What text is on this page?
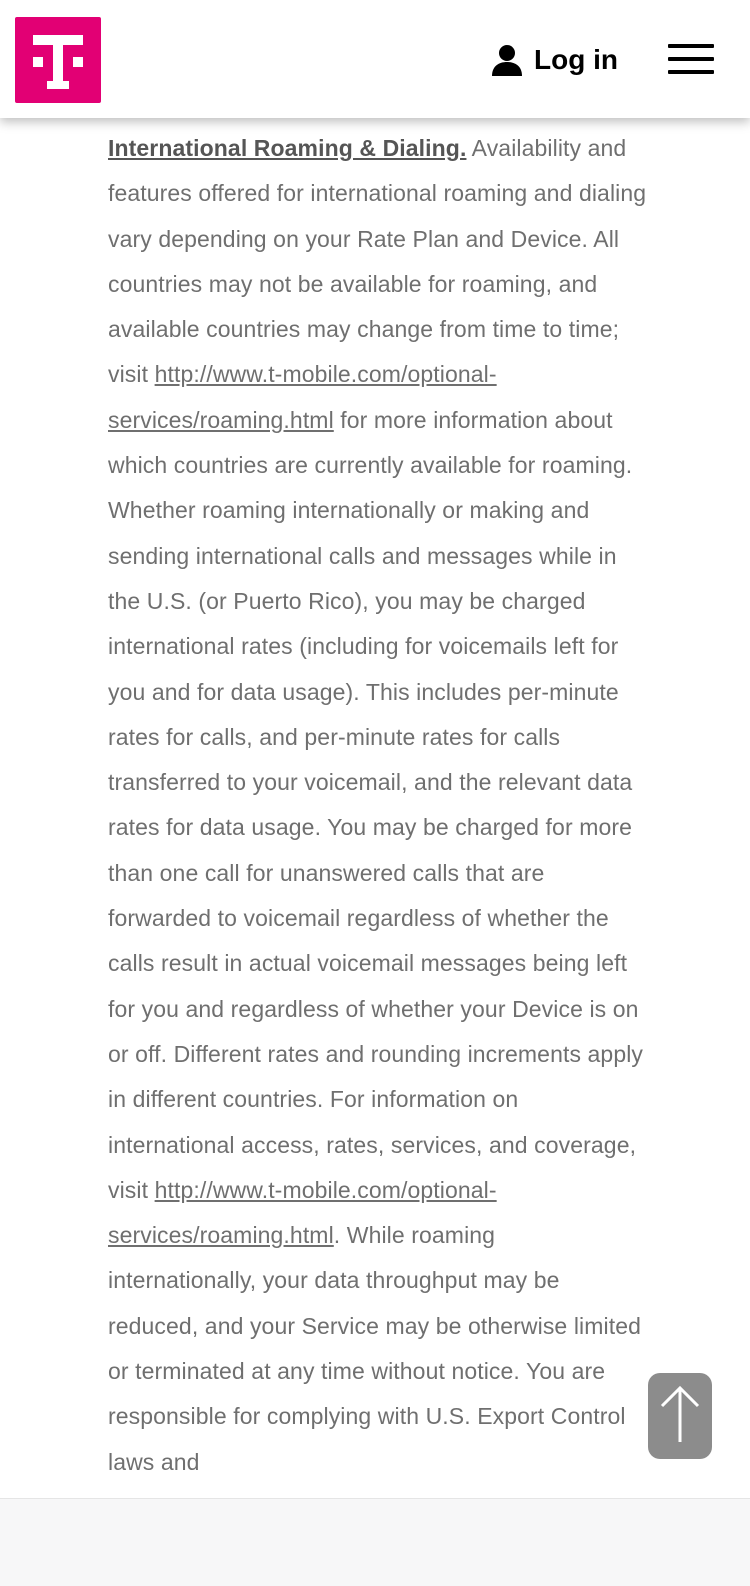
Log in

International Roaming & Dialing. Availability and features offered for international roaming and dialing vary depending on your Rate Plan and Device. All countries may not be available for roaming, and available countries may change from time to time; visit http://www.t-mobile.com/optional-services/roaming.html for more information about which countries are currently available for roaming. Whether roaming internationally or making and sending international calls and messages while in the U.S. (or Puerto Rico), you may be charged international rates (including for voicemails left for you and for data usage). This includes per-minute rates for calls, and per-minute rates for calls transferred to your voicemail, and the relevant data rates for data usage. You may be charged for more than one call for unanswered calls that are forwarded to voicemail regardless of whether the calls result in actual voicemail messages being left for you and regardless of whether your Device is on or off. Different rates and rounding increments apply in different countries. For information on international access, rates, services, and coverage, visit http://www.t-mobile.com/optional-services/roaming.html. While roaming internationally, your data throughput may be reduced, and your Service may be otherwise limited or terminated at any time without notice. You are responsible for complying with U.S. Export Control laws and
